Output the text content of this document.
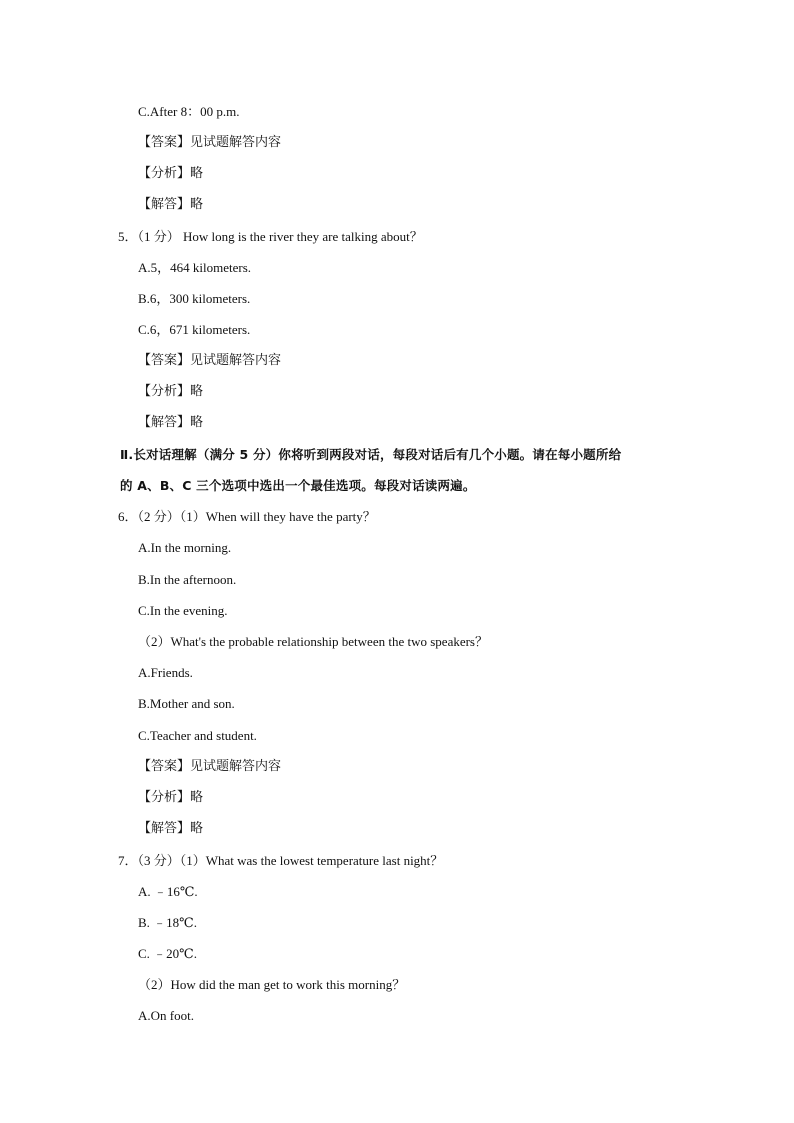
C.After 8：00 p.m.
【答案】见试题解答内容
【分析】略
【解答】略
5．（1 分） How long is the river they are talking about？
A.5，464 kilometers.
B.6，300 kilometers.
C.6，671 kilometers.
【答案】见试题解答内容
【分析】略
【解答】略
Ⅱ.长对话理解（满分 5 分）你将听到两段对话，每段对话后有几个小题。请在每小题所给
的 A、B、C 三个选项中选出一个最佳选项。每段对话读两遍。
6．（2 分）（1）When will they have the party？
A.In the morning.
B.In the afternoon.
C.In the evening.
（2）What's the probable relationship between the two speakers？
A.Friends.
B.Mother and son.
C.Teacher and student.
【答案】见试题解答内容
【分析】略
【解答】略
7．（3 分）（1）What was the lowest temperature last night？
A. ﹣16℃.
B. ﹣18℃.
C. ﹣20℃.
（2）How did the man get to work this morning？
A.On foot.
